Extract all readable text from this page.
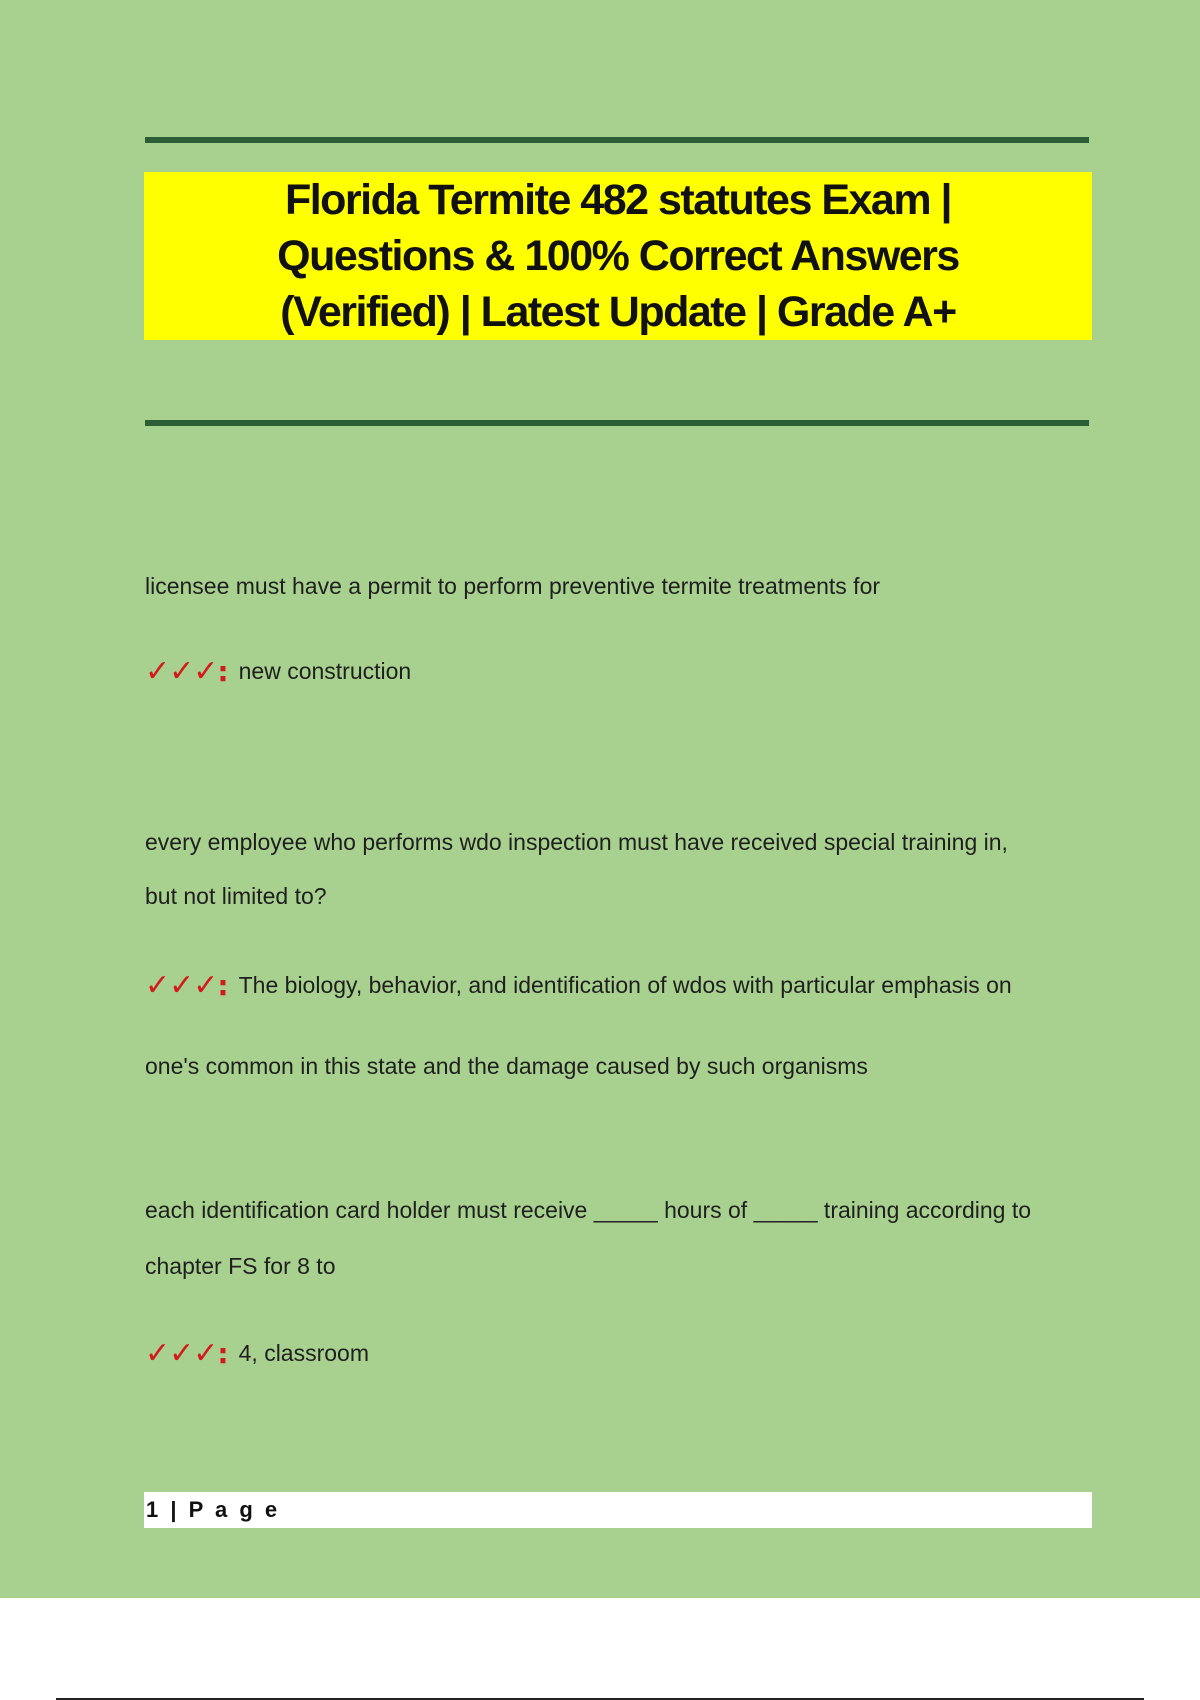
Florida Termite 482 statutes Exam |
Questions & 100% Correct Answers
(Verified) | Latest Update | Grade A+

licensee must have a permit to perform preventive termite treatments for

✓✓✓: new construction

every employee who performs wdo inspection must have received special training in,

but not limited to?

✓✓✓: The biology, behavior, and identification of wdos with particular emphasis on

one's common in this state and the damage caused by such organisms

each identification card holder must receive _____ hours of _____ training according to

chapter FS for 8 to

✓✓✓: 4, classroom
1 | P a g e
